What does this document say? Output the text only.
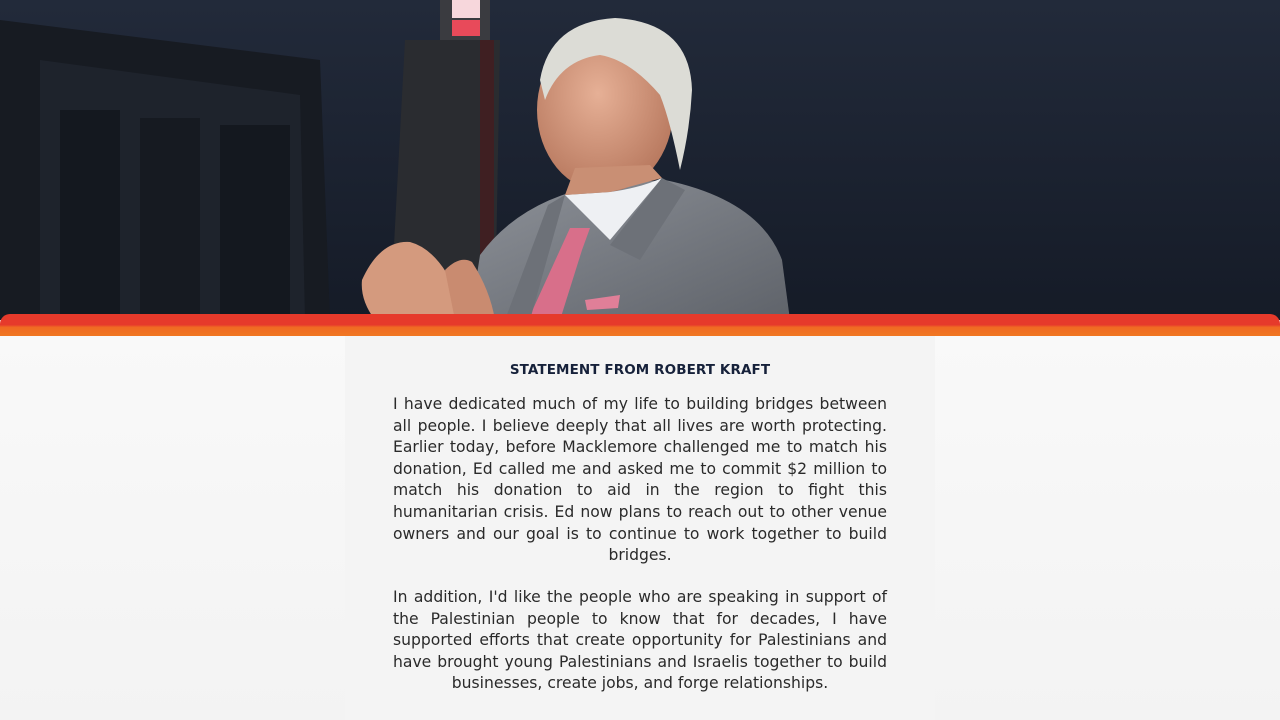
STATEMENT FROM ROBERT KRAFT

I have dedicated much of my life to building bridges between all people. I believe deeply that all lives are worth protecting. Earlier today, before Macklemore challenged me to match his donation, Ed called me and asked me to commit $2 million to match his donation to aid in the region to fight this humanitarian crisis. Ed now plans to reach out to other venue owners and our goal is to continue to work together to build bridges.

In addition, I'd like the people who are speaking in support of the Palestinian people to know that for decades, I have supported efforts that create opportunity for Palestinians and have brought young Palestinians and Israelis together to build businesses, create jobs, and forge relationships.
